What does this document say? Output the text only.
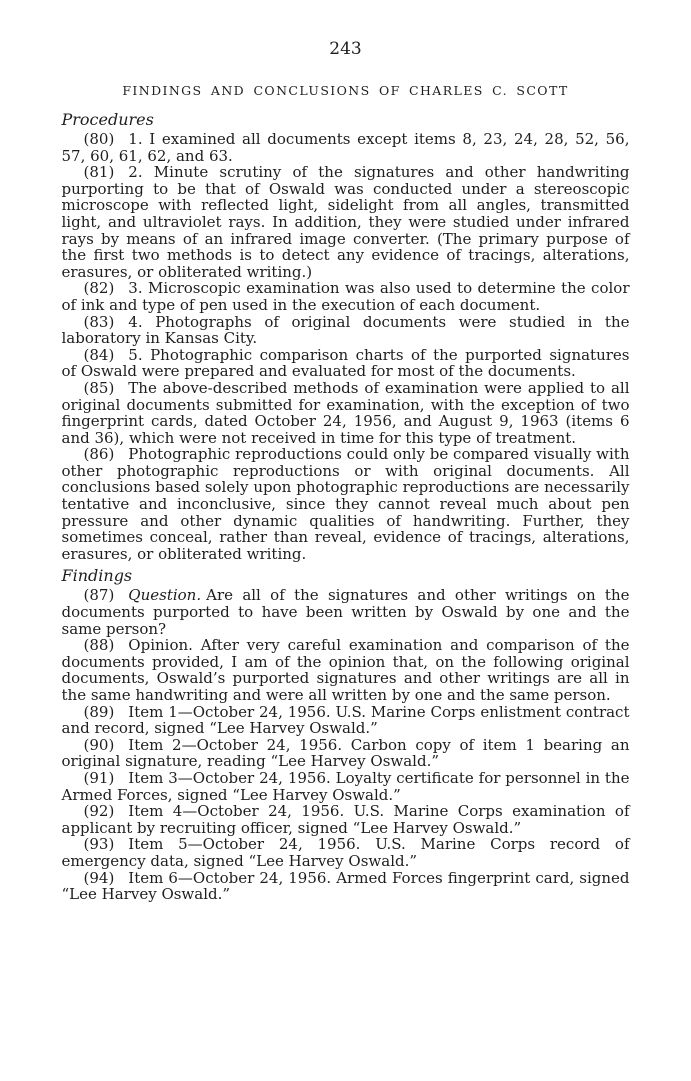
243
FINDINGS AND CONCLUSIONS OF CHARLES C. SCOTT
Procedures

(80) 1. I examined all documents except items 8, 23, 24, 28, 52, 56, 57, 60, 61, 62, and 63.

(81) 2. Minute scrutiny of the signatures and other handwriting purporting to be that of Oswald was conducted under a stereoscopic microscope with reflected light, sidelight from all angles, transmitted light, and ultraviolet rays. In addition, they were studied under infrared rays by means of an infrared image converter. (The primary purpose of the first two methods is to detect any evidence of tracings, alterations, erasures, or obliterated writing.)

(82) 3. Microscopic examination was also used to determine the color of ink and type of pen used in the execution of each document.

(83) 4. Photographs of original documents were studied in the laboratory in Kansas City.

(84) 5. Photographic comparison charts of the purported signatures of Oswald were prepared and evaluated for most of the documents.

(85) The above-described methods of examination were applied to all original documents submitted for examination, with the exception of two fingerprint cards, dated October 24, 1956, and August 9, 1963 (items 6 and 36), which were not received in time for this type of treatment.

(86) Photographic reproductions could only be compared visually with other photographic reproductions or with original documents. All conclusions based solely upon photographic reproductions are necessarily tentative and inconclusive, since they cannot reveal much about pen pressure and other dynamic qualities of handwriting. Further, they sometimes conceal, rather than reveal, evidence of tracings, alterations, erasures, or obliterated writing.

Findings

(87) Question. Are all of the signatures and other writings on the documents purported to have been written by Oswald by one and the same person?

(88) Opinion. After very careful examination and comparison of the documents provided, I am of the opinion that, on the following original documents, Oswald’s purported signatures and other writings are all in the same handwriting and were all written by one and the same person.

(89) Item 1—October 24, 1956. U.S. Marine Corps enlistment contract and record, signed “Lee Harvey Oswald.”

(90) Item 2—October 24, 1956. Carbon copy of item 1 bearing an original signature, reading “Lee Harvey Oswald.”

(91) Item 3—October 24, 1956. Loyalty certificate for personnel in the Armed Forces, signed “Lee Harvey Oswald.”

(92) Item 4—October 24, 1956. U.S. Marine Corps examination of applicant by recruiting officer, signed “Lee Harvey Oswald.”

(93) Item 5—October 24, 1956. U.S. Marine Corps record of emergency data, signed “Lee Harvey Oswald.”

(94) Item 6—October 24, 1956. Armed Forces fingerprint card, signed “Lee Harvey Oswald.”
